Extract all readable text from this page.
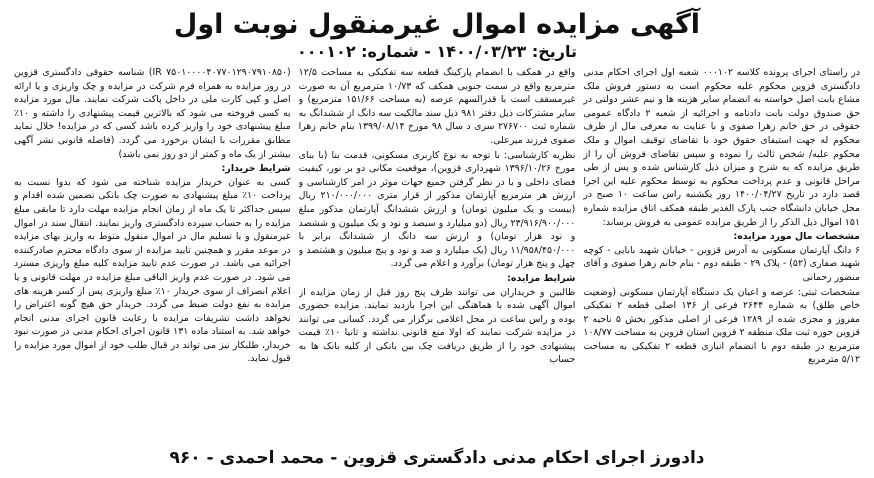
آگهی مزایده اموال غیرمنقول نوبت اول
تاریخ: ۱۴۰۰/۰۳/۲۳ - شماره: ۰۰۰۱۰۲

در راستای اجرای پرونده کلاسه ۰۰۰۱۰۲ شعبه اول اجرای احکام مدنی دادگستری قزوین محکوم علیه محکوم است به دستور فروش ملک مشاع بابت اصل خواسته به انضمام سایر هزینه ها و نیم عشر دولتی در حق صندوق دولت بابت دادنامه و اجرائیه از شعبه ۲ دادگاه عمومی حقوقی در حق خانم زهرا صفوی و با عنایت به معرفی مال از طرف محکوم له جهت استیفای حقوق خود با تقاضای توقیف اموال و ملک محکوم علیه/ شخص ثالث را نموده و سپس تقاضای فروش آن را از طریق مزایده که به شرح و میزان ذیل کارشناس شده و پس از طی مراحل قانونی و عدم پرداخت محکوم به توسط محکوم علیه این اجرا قصد دارد در تاریخ ۱۴۰۰/۰۴/۲۷ روز یکشنبه راس ساعت ۱۰ صبح در محل خیابان دانشگاه جنب پارک الغدیر طبقه همکف اتاق مزایده شماره ۱۵۱ اموال ذیل الذکر را از طریق مزایده عمومی به فروش برساند:

مشخصات مال مورد مزایده:

۶ دانگ آپارتمان مسکونی به آدرس قزوین - خیابان شهید بابایی - کوچه شهید صفاری (۵۲) - پلاک ۲۹ - طبقه دوم - بنام خانم زهرا صفوی و آقای منصور رحمانی

مشخصات ثبتی: عرصه و اعیان یک دستگاه آپارتمان مسکونی (وضعیت خاص طلق) به شماره ۲۶۴۴ فرعی از ۱۳۶ اصلی قطعه ۲ تفکیکی مفروز و مجزی شده از ۱۲۸۹ فرعی از اصلی مذکور بخش ۵ ناحیه ۲ قزوین حوزه ثبت ملک منطقه ۲ قزوین استان قزوین به مساحت ۱۰۸/۷۷ مترمربع در طبقه دوم با انضمام انباری قطعه ۲ تفکیکی به مساحت ۵/۱۲ مترمربع

واقع در همکف با انضمام پارکینگ قطعه سه تفکیکی به مساحت ۱۲/۵ مترمربع واقع در سمت جنوبی همکف که ۱۰/۷۳ مترمربع آن به صورت غیرمسقف است با قدرالسهم عرصه (به مساحت ۱۵۱/۶۶ مترمربع) و سایر مشترکات ذیل دفتر ۹۸۱ ذیل سند مالکیت سه دانگ از ششدانگ به شماره ثبت ۲۷۶۷۰۰ سری د سال ۹۸ مورخ ۱۳۹۹/۰۸/۱۴ بنام خانم زهرا صفوی فرزند میرعلی.

نظریه کارشناسی: با توجه به نوع کاربری مسکونی، قدمت بنا (با بنای مورخ ۱۳۹۶/۱۰/۲۶ شهرداری قزوین)، موقعیت مکانی دو بر نور، کیفیت فضای داخلی و با در نظر گرفتن جمیع جهات موثر در امر کارشناسی و ارزش هر مترمربع آپارتمان مذکور از قرار متری ۲۱۰/۰۰۰/۰۰۰ ریال (بیست و یک میلیون تومان) و ارزش ششدانگ آپارتمان مذکور مبلغ ۲۳/۹۱۶/۹۰۰/۰۰۰ ریال (دو میلیارد و سیصد و نود و یک میلیون و ششصد و نود هزار تومان) و ارزش سه دانگ از ششدانگ برابر با ۱۱/۹۵۸/۴۵۰/۰۰۰ ریال (یک میلیارد و صد و نود و پنج میلیون و هشتصد و چهل و پنج هزار تومان) برآورد و اعلام می گردد.

شرایط مزایده:

طالبین و خریداران می توانند ظرف پنج روز قبل از زمان مزایده از اموال آگهی شده با هماهنگی این اجرا بازدید نمایند. مزایده حضوری بوده و راس ساعت در محل اعلامی برگزار می گردد. کسانی می توانند در مزایده شرکت نمایند که اولا منع قانونی نداشته و ثانیا ۱۰٪ قیمت پیشنهادی خود را از طریق دریافت چک بین بانکی از کلیه بانک ها به حساب

(IR ۷۵۰۱۰۰۰۰۴۰۷۷۰۱۲۹۰۷۹۱۰۸۵۰) شناسه حقوقی دادگستری قزوین در روز مزایده به همراه فرم شرکت در مزایده و چک واریزی و یا ارائه اصل و کپی کارت ملی در داخل پاکت شرکت نمایند. مال مورد مزایده به کسی فروخته می شود که بالاترین قیمت پیشنهادی را داشته و ۱۰٪ مبلغ پیشنهادی خود را واریز کرده باشد کسی که در مزایده! خلال نماید مطابق مقررات با ایشان برخورد می گردد. (فاصله قانونی نشر آگهی بیشتر از یک ماه و کمتر از دو روز نمی باشد)

شرایط خریدار:

کسی به عنوان خریدار مزایده شناخته می شود که بدوا نسبت به پرداخت ۱۰٪ مبلغ پیشنهادی به صورت چک بانکی تضمین شده اقدام و سپس حداکثر تا یک ماه از زمان انجام مزایده مهلت دارد تا مابقی مبلغ مزایده را به حساب سپرده دادگستری واریز نمایند. انتقال سند در اموال غیرمنقول و یا تسلیم مال در اموال منقول منوط به واریز بهای مزایده در موعد مقرر و همچنین تایید مزایده از سوی دادگاه محترم صادرکننده اجرائیه می باشد. در صورت عدم تایید مزایده کلیه مبلغ واریزی مسترد می شود. در صورت عدم واریز الباقی مبلغ مزایده در مهلت قانونی و یا اعلام انصراف از سوی خریدار ۱۰٪ مبلغ واریزی پس از کسر هزینه های مزایده به نفع دولت ضبط می گردد. خریدار حق هیچ گونه اعتراض را نخواهد داشت تشریفات مزایده با رعایت قانون اجرای مدنی انجام خواهد شد. به استناد ماده ۱۳۱ قانون اجرای احکام مدنی در صورت نبود خریدار، طلبکار نیز می تواند در قبال طلب خود از اموال مورد مزایده را قبول نماید.

دادورز اجرای احکام مدنی دادگستری قزوین - محمد احمدی - ۹۶۰
